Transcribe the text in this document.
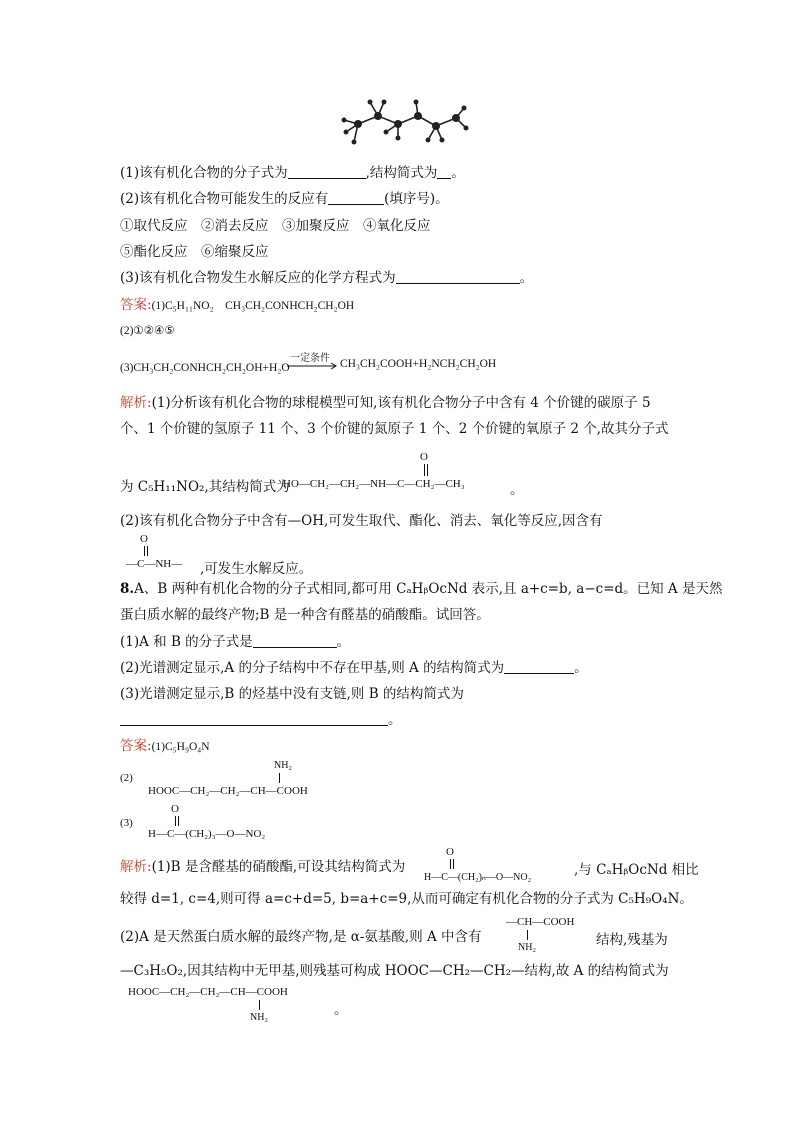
(1)该有机化合物的分子式为	,结构简式为 。
(2)该有机化合物可能发生的反应有	(填序号)。
①取代反应　②消去反应　③加聚反应　④氧化反应
⑤酯化反应　⑥缩聚反应
(3)该有机化合物发生水解反应的化学方程式为	。
答案:(1)C₅H₁₁NO₂　CH₃CH₂CONHCH₂CH₂OH
(2)①②④⑤
(3)CH₃CH₂CONHCH₂CH₂OH+H₂O
一定条件 → CH₃CH₂COOH+H₂NCH₂CH₂OH
解析:(1)分析该有机化合物的球棍模型可知,该有机化合物分子中含有 4 个价键的碳原子 5
个、1 个价键的氢原子 11 个、3 个价键的氮原子 1 个、2 个价键的氧原子 2 个,故其分子式
为 C₅H₁₁NO₂,其结构简式为
O
HO—CH₂—CH₂—NH—C—CH₂—CH₃	。
(2)该有机化合物分子中含有—OH,可发生取代、酯化、消去、氧化等反应,因含有
O
—C—NH— ,可发生水解反应。
8.A、B 两种有机化合物的分子式相同,都可用 CₐHᵦOcNd 表示,且 a+c=b, a−c=d。已知 A 是天然
蛋白质水解的最终产物;B 是一种含有醛基的硝酸酯。试回答。
(1)A 和 B 的分子式是	。
(2)光谱测定显示,A 的分子结构中不存在甲基,则 A 的结构简式为	。
(3)光谱测定显示,B 的烃基中没有支链,则 B 的结构简式为
。
答案:(1)C₅H₉O₄N
(2)
NH₂
HOOC—CH₂—CH₂—CH—COOH
(3)
O
H—C—(CH₂)₃—O—NO₂
解析:(1)B 是含醛基的硝酸酯,可设其结构简式为
O
H—C—(CH₂)ₙ—O—NO₂	,与 CₐHᵦOcNd 相比
较得 d=1, c=4,则可得 a=c+d=5, b=a+c=9,从而可确定有机化合物的分子式为 C₅H₉O₄N。
(2)A 是天然蛋白质水解的最终产物,是 α-氨基酸,则 A 中含有
—CH—COOH
NH₂	结构,残基为
—C₃H₅O₂,因其结构中无甲基,则残基可构成 HOOC—CH₂—CH₂—结构,故 A 的结构简式为
HOOC—CH₂—CH₂—CH—COOH
NH₂	。
